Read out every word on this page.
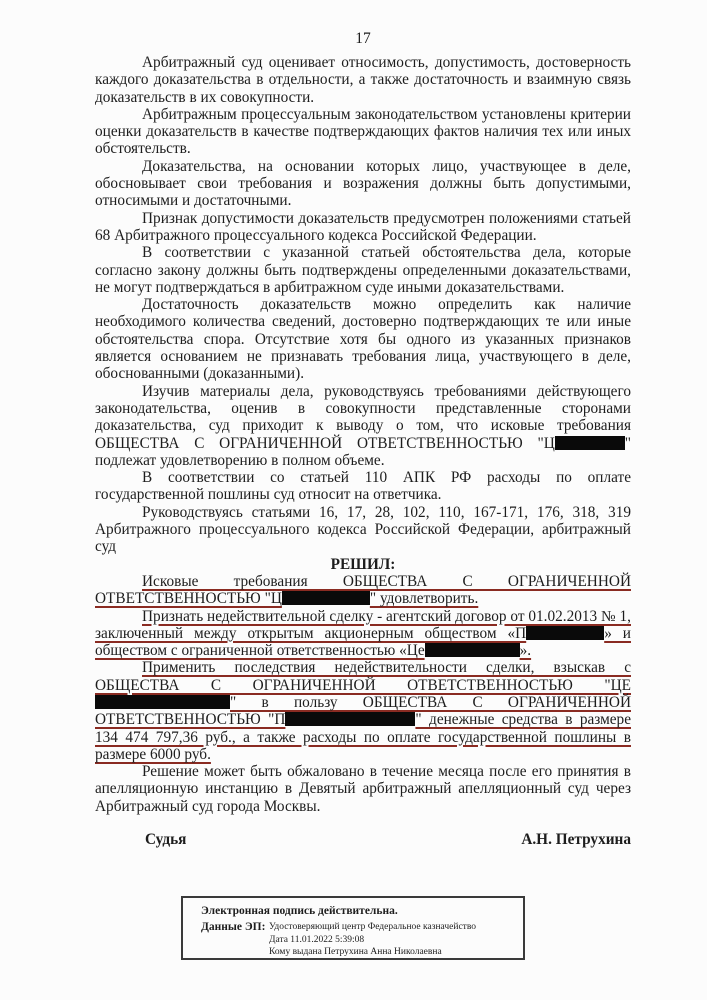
17

Арбитражный суд оценивает относимость, допустимость, достоверность каждого доказательства в отдельности, а также достаточность и взаимную связь доказательств в их совокупности.

Арбитражным процессуальным законодательством установлены критерии оценки доказательств в качестве подтверждающих фактов наличия тех или иных обстоятельств.

Доказательства, на основании которых лицо, участвующее в деле, обосновывает свои требования и возражения должны быть допустимыми, относимыми и достаточными.

Признак допустимости доказательств предусмотрен положениями статьей 68 Арбитражного процессуального кодекса Российской Федерации.

В соответствии с указанной статьей обстоятельства дела, которые согласно закону должны быть подтверждены определенными доказательствами, не могут подтверждаться в арбитражном суде иными доказательствами.

Достаточность доказательств можно определить как наличие необходимого количества сведений, достоверно подтверждающих те или иные обстоятельства спора. Отсутствие хотя бы одного из указанных признаков является основанием не признавать требования лица, участвующего в деле, обоснованными (доказанными).

Изучив материалы дела, руководствуясь требованиями действующего законодательства, оценив в совокупности представленные сторонами доказательства, суд приходит к выводу о том, что исковые требования ОБЩЕСТВА С ОГРАНИЧЕННОЙ ОТВЕТСТВЕННОСТЬЮ "Ц	" подлежат удовлетворению в полном объеме.

В соответствии со статьей 110 АПК РФ расходы по оплате государственной пошлины суд относит на ответчика.

Руководствуясь статьями 16, 17, 28, 102, 110, 167-171, 176, 318, 319 Арбитражного процессуального кодекса Российской Федерации, арбитражный суд

РЕШИЛ:

Исковые требования ОБЩЕСТВА С ОГРАНИЧЕННОЙ ОТВЕТСТВЕННОСТЬЮ "Ц	" удовлетворить.

Признать недействительной сделку - агентский договор от 01.02.2013 № 1, заключенный между открытым акционерным обществом «П	» и обществом с ограниченной ответственностью «Це	».

Применить последствия недействительности сделки, взыскав с ОБЩЕСТВА С ОГРАНИЧЕННОЙ ОТВЕТСТВЕННОСТЬЮ "ЦЕ" в пользу ОБЩЕСТВА С ОГРАНИЧЕННОЙ ОТВЕТСТВЕННОСТЬЮ "П	" денежные средства в размере 134 474 797,36 руб., а также расходы по оплате государственной пошлины в размере 6000 руб.

Решение может быть обжаловано в течение месяца после его принятия в апелляционную инстанцию в Девятый арбитражный апелляционный суд через Арбитражный суд города Москвы.

Судья	А.Н. Петрухина
Электронная подпись действительна.
Данные ЭП: Удостоверяющий центр Федеральное казначейство
Дата 11.01.2022 5:39:08
Кому выдана Петрухина Анна Николаевна
